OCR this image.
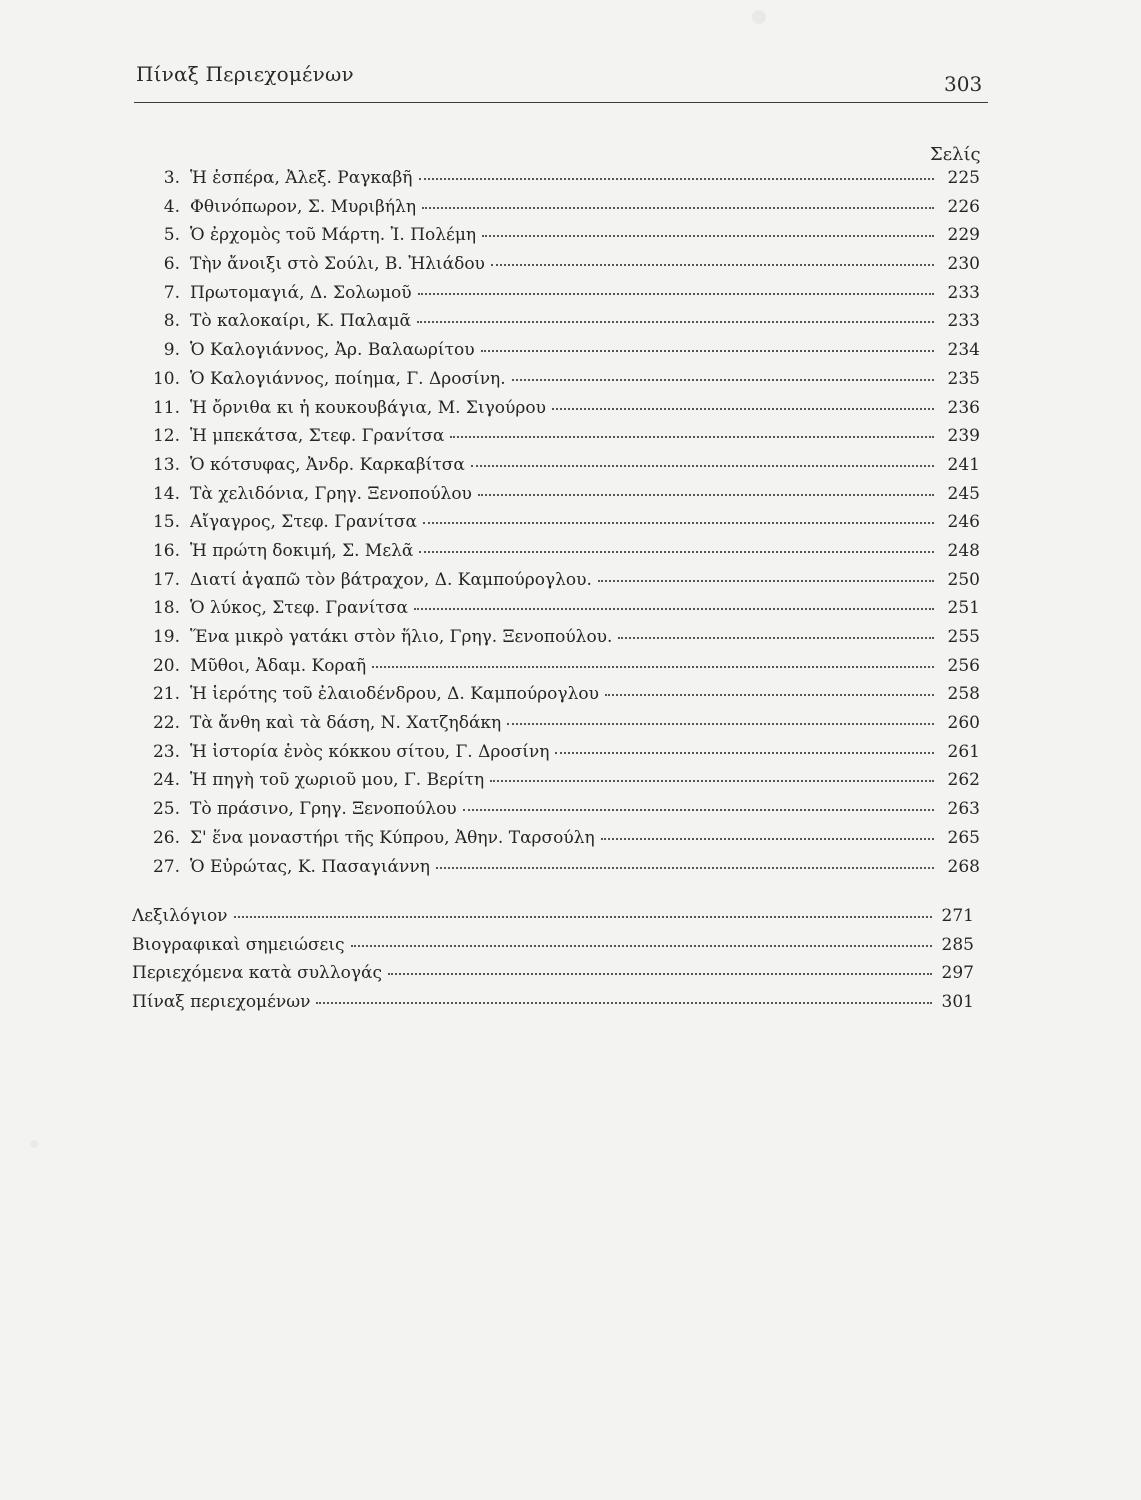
Πίναξ Περιεχομένων	303
Σελίς
3. Ἡ ἑσπέρα, Ἀλεξ. Ραγκαβῆ	225
4. Φθινόπωρον, Σ. Μυριβήλη	226
5. Ὁ ἐρχομὸς τοῦ Μάρτη. Ἰ. Πολέμη	229
6. Τὴν ἄνοιξι στὸ Σούλι, Β. Ἠλιάδου	230
7. Πρωτομαγιά, Δ. Σολωμοῦ	233
8. Τὸ καλοκαίρι, Κ. Παλαμᾶ	233
9. Ὁ Καλογιάννος, Ἀρ. Βαλαωρίτου	234
10. Ὁ Καλογιάννος, ποίημα, Γ. Δροσίνη.	235
11. Ἡ ὄρνιθα κι ἡ κουκουβάγια, Μ. Σιγούρου	236
12. Ἡ μπεκάτσα, Στεφ. Γρανίτσα	239
13. Ὁ κότσυφας, Ἀνδρ. Καρκαβίτσα	241
14. Τὰ χελιδόνια, Γρηγ. Ξενοπούλου	245
15. Αἴγαγρος, Στεφ. Γρανίτσα	246
16. Ἡ πρώτη δοκιμή, Σ. Μελᾶ	248
17. Διατί ἀγαπῶ τὸν βάτραχον, Δ. Καμπούρογλου.	250
18. Ὁ λύκος, Στεφ. Γρανίτσα	251
19. Ἕνα μικρὸ γατάκι στὸν ἥλιο, Γρηγ. Ξενοπούλου.	255
20. Μῦθοι, Ἀδαμ. Κοραῆ	256
21. Ἡ ἱερότης τοῦ ἐλαιοδένδρου, Δ. Καμπούρογλου	258
22. Τὰ ἄνθη καὶ τὰ δάση, Ν. Χατζηδάκη	260
23. Ἡ ἱστορία ἑνὸς κόκκου σίτου, Γ. Δροσίνη	261
24. Ἡ πηγὴ τοῦ χωριοῦ μου, Γ. Βερίτη	262
25. Τὸ πράσινο, Γρηγ. Ξενοπούλου	263
26. Σ' ἕνα μοναστήρι τῆς Κύπρου, Ἀθην. Ταρσούλη	265
27. Ὁ Εὐρώτας, Κ. Πασαγιάννη	268
Λεξιλόγιον	271
Βιογραφικαὶ σημειώσεις	285
Περιεχόμενα κατὰ συλλογάς	297
Πίναξ περιεχομένων	301
